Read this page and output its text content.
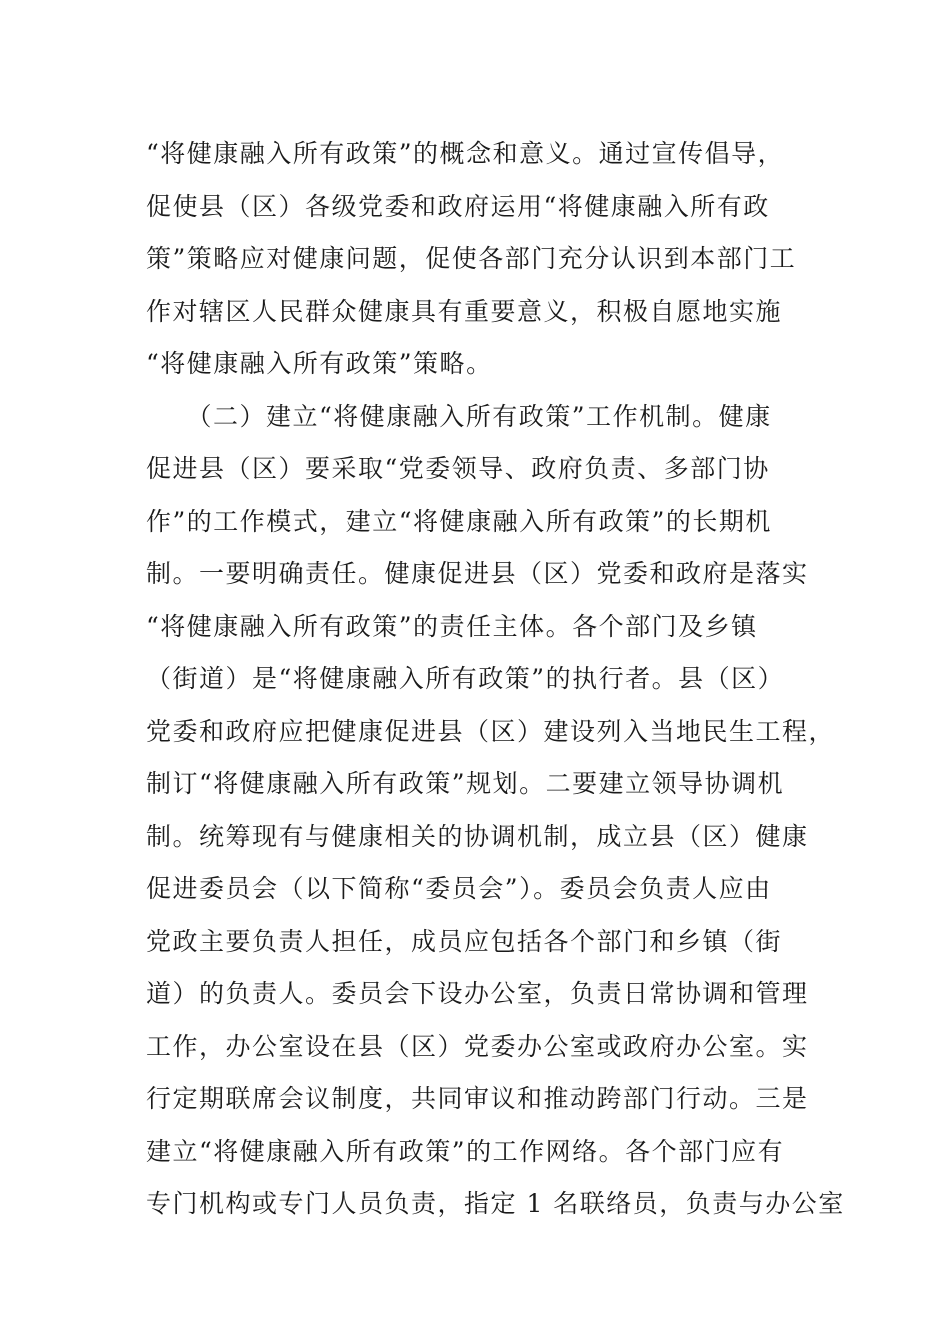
“将健康融入所有政策”的概念和意义。通过宣传倡导，
促使县（区）各级党委和政府运用“将健康融入所有政
策”策略应对健康问题，促使各部门充分认识到本部门工
作对辖区人民群众健康具有重要意义，积极自愿地实施
“将健康融入所有政策”策略。
　　（二）建立“将健康融入所有政策”工作机制。健康
促进县（区）要采取“党委领导、政府负责、多部门协
作”的工作模式，建立“将健康融入所有政策”的长期机
制。一要明确责任。健康促进县（区）党委和政府是落实
“将健康融入所有政策”的责任主体。各个部门及乡镇
（街道）是“将健康融入所有政策”的执行者。县（区）
党委和政府应把健康促进县（区）建设列入当地民生工程，
制订“将健康融入所有政策”规划。二要建立领导协调机
制。统筹现有与健康相关的协调机制，成立县（区）健康
促进委员会（以下简称“委员会”）。委员会负责人应由
党政主要负责人担任，成员应包括各个部门和乡镇（街
道）的负责人。委员会下设办公室，负责日常协调和管理
工作，办公室设在县（区）党委办公室或政府办公室。实
行定期联席会议制度，共同审议和推动跨部门行动。三是
建立“将健康融入所有政策”的工作网络。各个部门应有
专门机构或专门人员负责，指定 1 名联络员，负责与办公室
